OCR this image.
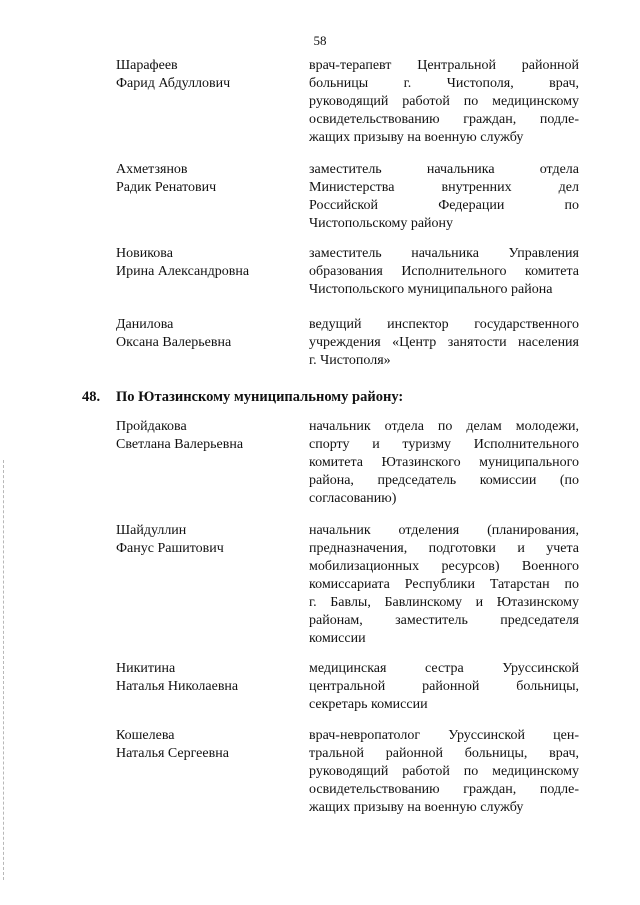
58
Шарафеев
Фарид Абдуллович
врач-терапевт Центральной районной
больницы г. Чистополя, врач,
руководящий работой по медицинскому
освидетельствованию граждан, подле-
жащих призыву на военную службу
Ахметзянов
Радик Ренатович
заместитель начальника отдела
Министерства внутренних дел
Российской Федерации по
Чистопольскому району
Новикова
Ирина Александровна
заместитель начальника Управления
образования Исполнительного комитета
Чистопольского муниципального района
Данилова
Оксана Валерьевна
ведущий инспектор государственного
учреждения «Центр занятости населения
г. Чистополя»
48. По Ютазинскому муниципальному району:
Пройдакова
Светлана Валерьевна
начальник отдела по делам молодежи,
спорту и туризму Исполнительного
комитета Ютазинского муниципального
района, председатель комиссии (по
согласованию)
Шайдуллин
Фанус Рашитович
начальник отделения (планирования,
предназначения, подготовки и учета
мобилизационных ресурсов) Военного
комиссариата Республики Татарстан по
г. Бавлы, Бавлинскому и Ютазинскому
районам, заместитель председателя
комиссии
Никитина
Наталья Николаевна
медицинская сестра Уруссинской
центральной районной больницы,
секретарь комиссии
Кошелева
Наталья Сергеевна
врач-невропатолог Уруссинской цен-
тральной районной больницы, врач,
руководящий работой по медицинскому
освидетельствованию граждан, подле-
жащих призыву на военную службу
